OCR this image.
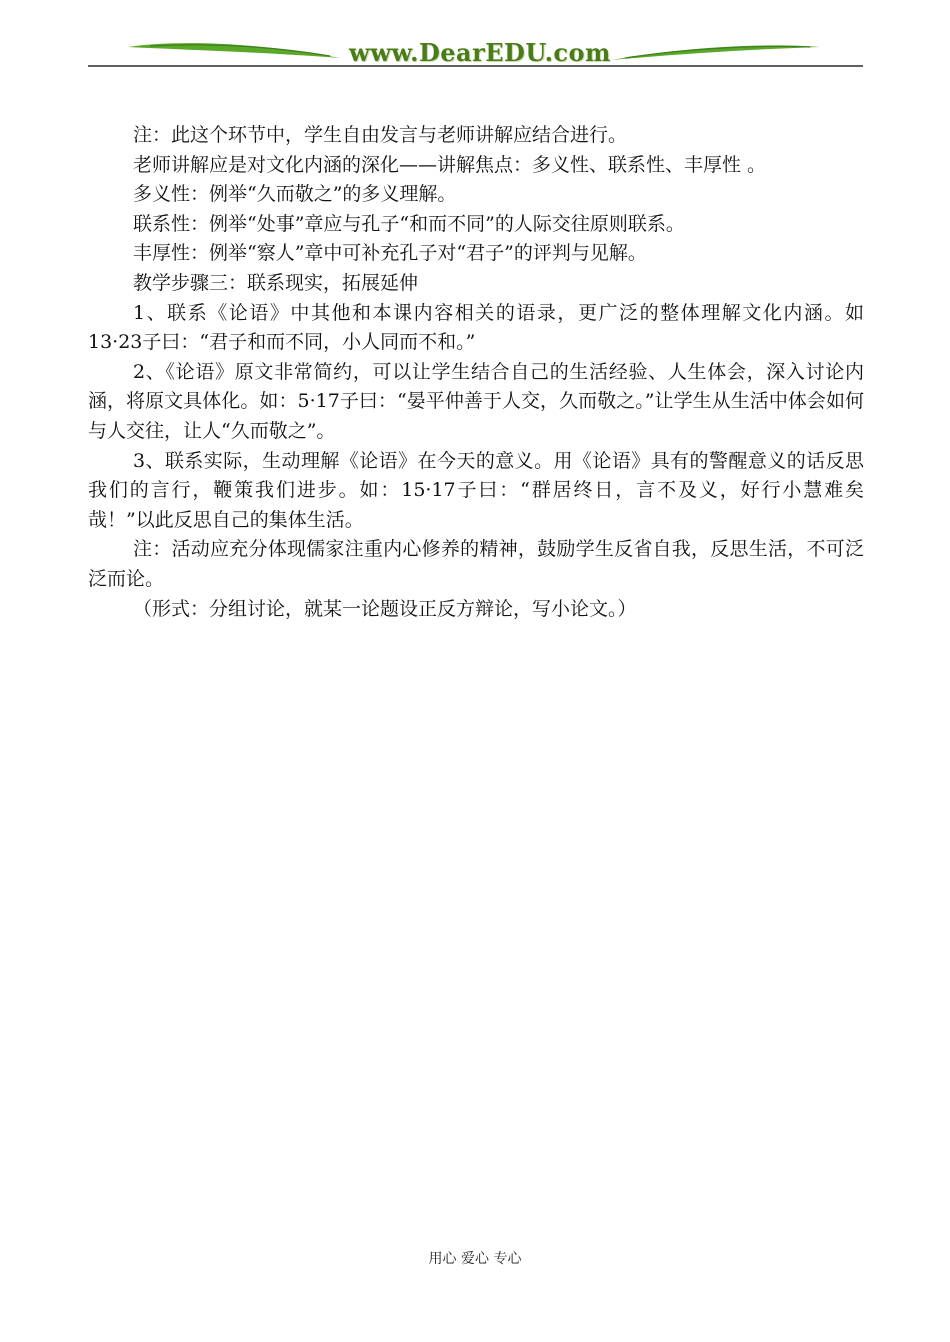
www.DearEDU.com

注：此这个环节中，学生自由发言与老师讲解应结合进行。

老师讲解应是对文化内涵的深化——讲解焦点：多义性、联系性、丰厚性 。

多义性：例举“久而敬之”的多义理解。

联系性：例举“处事”章应与孔子“和而不同”的人际交往原则联系。

丰厚性：例举“察人”章中可补充孔子对“君子”的评判与见解。

教学步骤三：联系现实，拓展延伸

1、联系《论语》中其他和本课内容相关的语录，更广泛的整体理解文化内涵。如13·23子曰：“君子和而不同，小人同而不和。”

2、《论语》原文非常简约，可以让学生结合自己的生活经验、人生体会，深入讨论内涵，将原文具体化。如：5·17子曰：“晏平仲善于人交，久而敬之。”让学生从生活中体会如何与人交往，让人“久而敬之”。

3、联系实际，生动理解《论语》在今天的意义。用《论语》具有的警醒意义的话反思我们的言行，鞭策我们进步。如：15·17子曰：“群居终日，言不及义，好行小慧难矣哉！”以此反思自己的集体生活。

注：活动应充分体现儒家注重内心修养的精神，鼓励学生反省自我，反思生活，不可泛泛而论。

（形式：分组讨论，就某一论题设正反方辩论，写小论文。）

用心 爱心 专心
